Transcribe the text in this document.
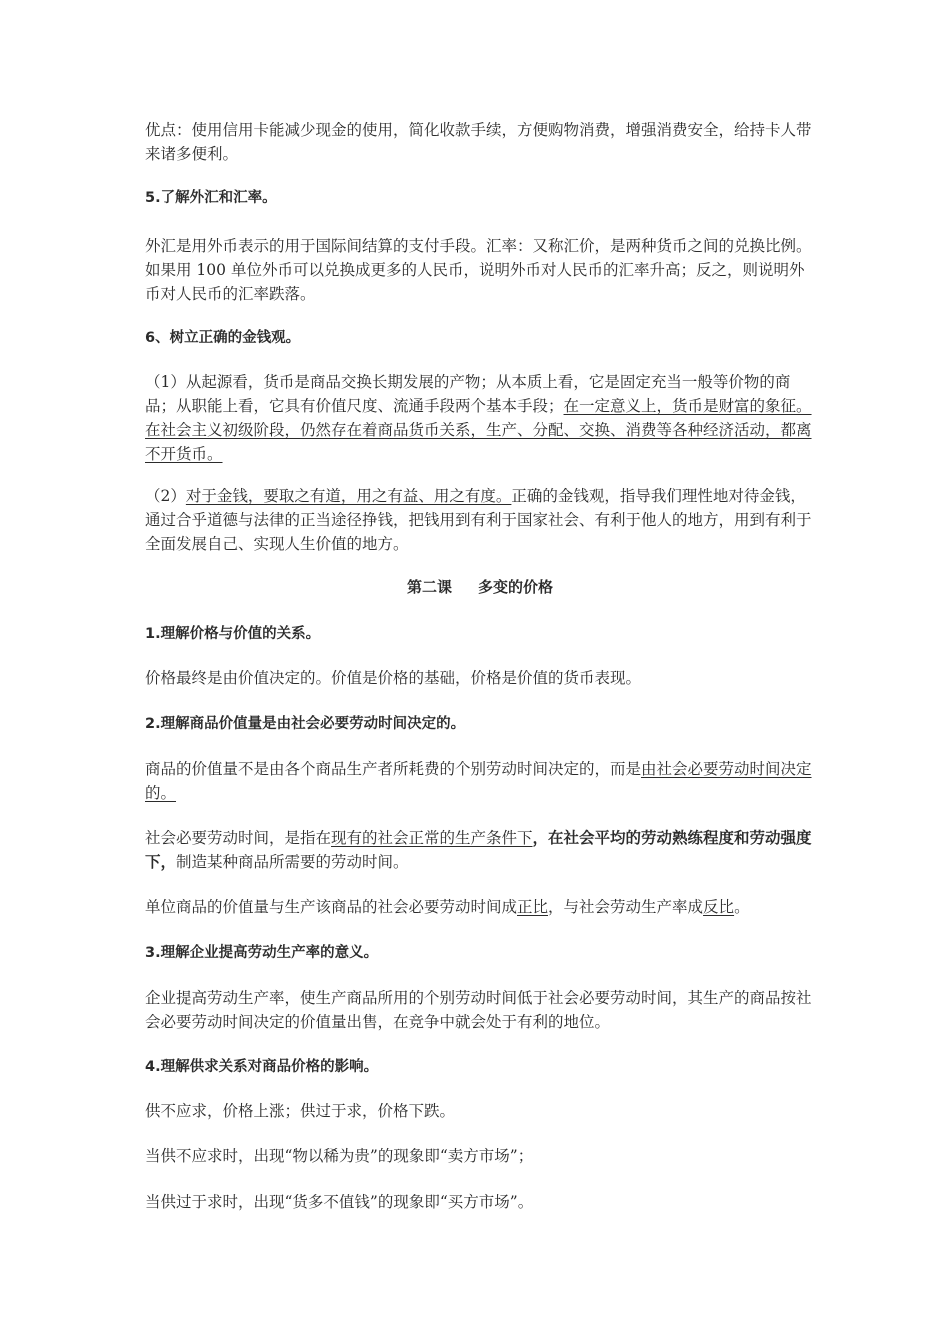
优点：使用信用卡能减少现金的使用，简化收款手续，方便购物消费，增强消费安全，给持卡人带来诸多便利。

5.了解外汇和汇率。

外汇是用外币表示的用于国际间结算的支付手段。汇率：又称汇价，是两种货币之间的兑换比例。如果用 100 单位外币可以兑换成更多的人民币，说明外币对人民币的汇率升高；反之，则说明外币对人民币的汇率跌落。

6、树立正确的金钱观。

（1）从起源看，货币是商品交换长期发展的产物；从本质上看，它是固定充当一般等价物的商品；从职能上看，它具有价值尺度、流通手段两个基本手段；在一定意义上，货币是财富的象征。在社会主义初级阶段，仍然存在着商品货币关系，生产、分配、交换、消费等各种经济活动，都离不开货币。

（2）对于金钱，要取之有道，用之有益、用之有度。正确的金钱观，指导我们理性地对待金钱，通过合乎道德与法律的正当途径挣钱，把钱用到有利于国家社会、有利于他人的地方，用到有利于全面发展自己、实现人生价值的地方。

第二课 多变的价格

1.理解价格与价值的关系。

价格最终是由价值决定的。价值是价格的基础，价格是价值的货币表现。

2.理解商品价值量是由社会必要劳动时间决定的。

商品的价值量不是由各个商品生产者所耗费的个别劳动时间决定的，而是由社会必要劳动时间决定的。

社会必要劳动时间，是指在现有的社会正常的生产条件下，在社会平均的劳动熟练程度和劳动强度下，制造某种商品所需要的劳动时间。

单位商品的价值量与生产该商品的社会必要劳动时间成正比，与社会劳动生产率成反比。

3.理解企业提高劳动生产率的意义。

企业提高劳动生产率，使生产商品所用的个别劳动时间低于社会必要劳动时间，其生产的商品按社会必要劳动时间决定的价值量出售，在竞争中就会处于有利的地位。

4.理解供求关系对商品价格的影响。

供不应求，价格上涨；供过于求，价格下跌。

当供不应求时，出现“物以稀为贵”的现象即“卖方市场”；

当供过于求时，出现“货多不值钱”的现象即“买方市场”。
